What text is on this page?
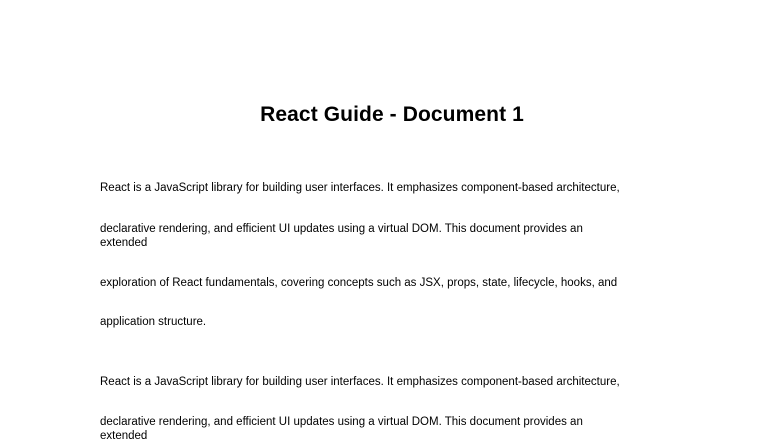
React Guide - Document 1

React is a JavaScript library for building user interfaces. It emphasizes component-based architecture,

declarative rendering, and efficient UI updates using a virtual DOM. This document provides an

extended

exploration of React fundamentals, covering concepts such as JSX, props, state, lifecycle, hooks, and

application structure.

React is a JavaScript library for building user interfaces. It emphasizes component-based architecture,

declarative rendering, and efficient UI updates using a virtual DOM. This document provides an

extended
